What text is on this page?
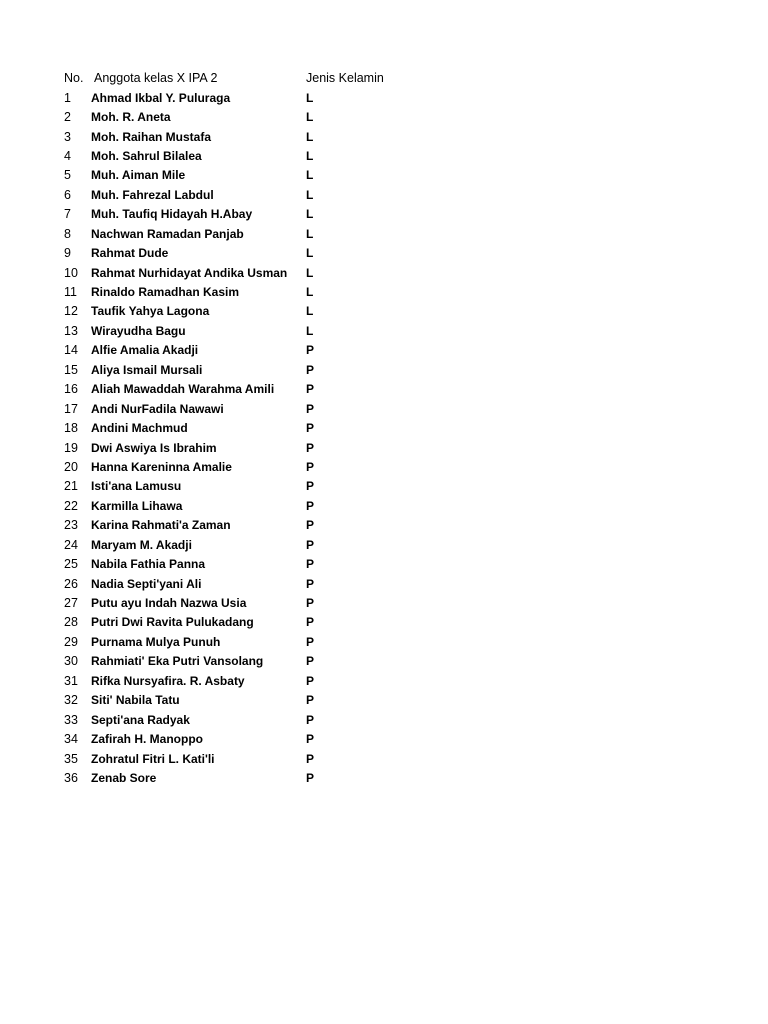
No. Anggota kelas X IPA 2	Jenis Kelamin
1	Ahmad Ikbal Y. Puluraga	L
2	Moh. R. Aneta	L
3	Moh. Raihan Mustafa	L
4	Moh. Sahrul Bilalea	L
5	Muh. Aiman Mile	L
6	Muh. Fahrezal Labdul	L
7	Muh. Taufiq Hidayah H.Abay	L
8	Nachwan Ramadan Panjab	L
9	Rahmat Dude	L
10	Rahmat Nurhidayat Andika Usman	L
11	Rinaldo Ramadhan Kasim	L
12	Taufik Yahya Lagona	L
13	Wirayudha Bagu	L
14	Alfie Amalia Akadji	P
15	Aliya Ismail Mursali	P
16	Aliah Mawaddah Warahma Amili	P
17	Andi NurFadila Nawawi	P
18	Andini Machmud	P
19	Dwi Aswiya Is Ibrahim	P
20	Hanna Kareninna Amalie	P
21	Isti'ana Lamusu	P
22	Karmilla Lihawa	P
23	Karina Rahmati'a Zaman	P
24	Maryam M. Akadji	P
25	Nabila Fathia Panna	P
26	Nadia Septi'yani Ali	P
27	Putu ayu Indah Nazwa Usia	P
28	Putri Dwi Ravita Pulukadang	P
29	Purnama Mulya Punuh	P
30	Rahmiati' Eka Putri Vansolang	P
31	Rifka Nursyafira. R. Asbaty	P
32	Siti' Nabila Tatu	P
33	Septi'ana Radyak	P
34	Zafirah H. Manoppo	P
35	Zohratul Fitri L. Kati'li	P
36	Zenab Sore	P
